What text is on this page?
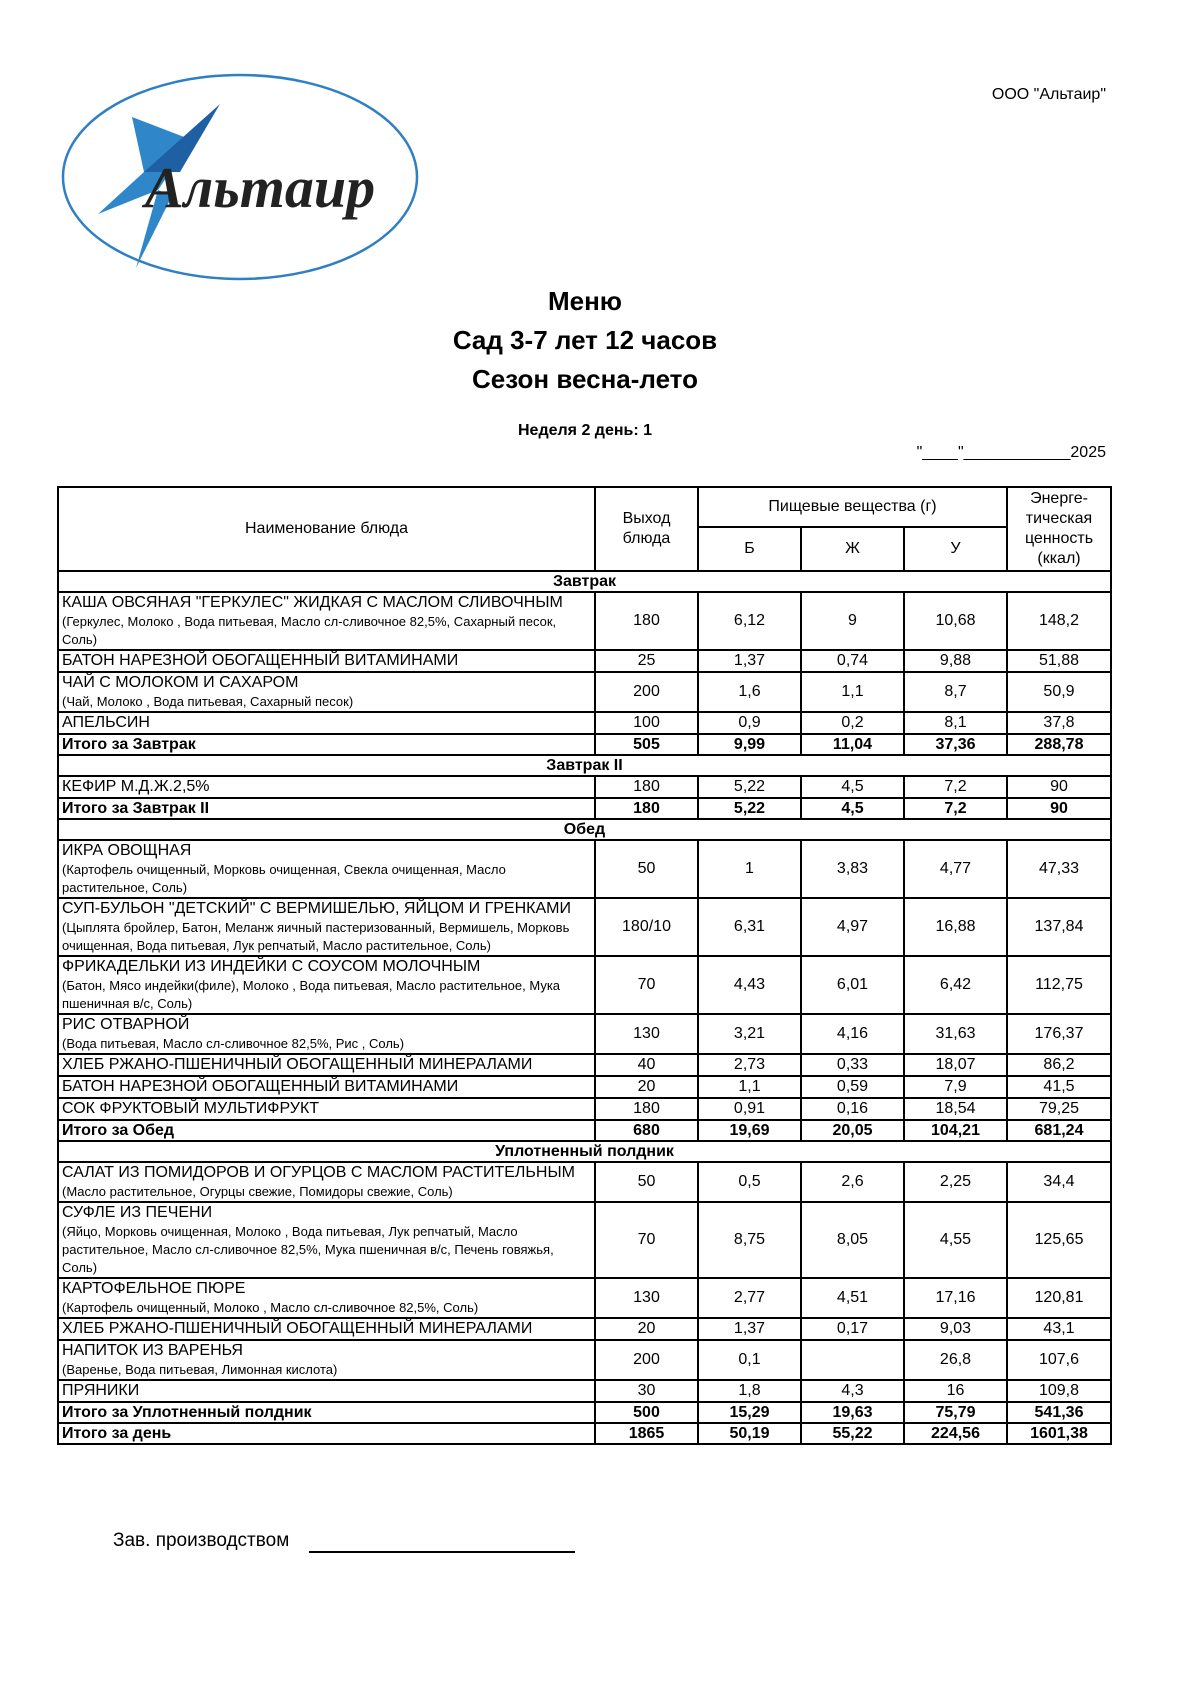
Альтаир
ООО "Альтаир"
Меню
Сад 3-7 лет 12 часов
Сезон весна-лето
Неделя 2 день: 1
"____"____________2025
Наименование блюда	Выход блюда	Пищевые вещества (г)			Энерге-тическая ценность (ккал)
		Б	Ж	У	
Завтрак					

КАША ОВСЯНАЯ "ГЕРКУЛЕС" ЖИДКАЯ С МАСЛОМ СЛИВОЧНЫМ
(Геркулес, Молоко , Вода питьевая, Масло сл-сливочное 82,5%, Сахарный песок, Соль)	180	6,12	9	10,68	148,2

БАТОН НАРЕЗНОЙ ОБОГАЩЕННЫЙ ВИТАМИНАМИ	25	1,37	0,74	9,88	51,88

ЧАЙ С МОЛОКОМ И САХАРОМ
(Чай, Молоко , Вода питьевая, Сахарный песок)	200	1,6	1,1	8,7	50,9

АПЕЛЬСИН	100	0,9	0,2	8,1	37,8
Итого за Завтрак	505	9,99	11,04	37,36	288,78
Завтрак II					

КЕФИР М.Д.Ж.2,5%	180	5,22	4,5	7,2	90
Итого за Завтрак II	180	5,22	4,5	7,2	90
Обед					

ИКРА ОВОЩНАЯ
(Картофель очищенный, Морковь очищенная, Свекла очищенная, Масло растительное, Соль)	50	1	3,83	4,77	47,33

СУП-БУЛЬОН "ДЕТСКИЙ" С ВЕРМИШЕЛЬЮ, ЯЙЦОМ И ГРЕНКАМИ
(Цыплята бройлер, Батон, Меланж яичный пастеризованный, Вермишель, Морковь очищенная, Вода питьевая, Лук репчатый, Масло растительное, Соль)	180/10	6,31	4,97	16,88	137,84

ФРИКАДЕЛЬКИ ИЗ ИНДЕЙКИ С СОУСОМ МОЛОЧНЫМ
(Батон, Мясо индейки(филе), Молоко , Вода питьевая, Масло растительное, Мука пшеничная в/с, Соль)	70	4,43	6,01	6,42	112,75

РИС ОТВАРНОЙ
(Вода питьевая, Масло сл-сливочное 82,5%, Рис , Соль)	130	3,21	4,16	31,63	176,37

ХЛЕБ РЖАНО-ПШЕНИЧНЫЙ ОБОГАЩЕННЫЙ МИНЕРАЛАМИ	40	2,73	0,33	18,07	86,2

БАТОН НАРЕЗНОЙ ОБОГАЩЕННЫЙ ВИТАМИНАМИ	20	1,1	0,59	7,9	41,5

СОК ФРУКТОВЫЙ МУЛЬТИФРУКТ	180	0,91	0,16	18,54	79,25
Итого за Обед	680	19,69	20,05	104,21	681,24
Уплотненный полдник					

САЛАТ ИЗ ПОМИДОРОВ И ОГУРЦОВ С МАСЛОМ РАСТИТЕЛЬНЫМ
(Масло растительное, Огурцы свежие, Помидоры свежие, Соль)	50	0,5	2,6	2,25	34,4

СУФЛЕ ИЗ ПЕЧЕНИ
(Яйцо, Морковь очищенная, Молоко , Вода питьевая, Лук репчатый, Масло растительное, Масло сл-сливочное 82,5%, Мука пшеничная в/с, Печень говяжья, Соль)	70	8,75	8,05	4,55	125,65

КАРТОФЕЛЬНОЕ ПЮРЕ
(Картофель очищенный, Молоко , Масло сл-сливочное 82,5%, Соль)	130	2,77	4,51	17,16	120,81

ХЛЕБ РЖАНО-ПШЕНИЧНЫЙ ОБОГАЩЕННЫЙ МИНЕРАЛАМИ	20	1,37	0,17	9,03	43,1

НАПИТОК ИЗ ВАРЕНЬЯ
(Варенье, Вода питьевая, Лимонная кислота)	200	0,1		26,8	107,6

ПРЯНИКИ	30	1,8	4,3	16	109,8
Итого за Уплотненный полдник	500	15,29	19,63	75,79	541,36
Итого за день	1865	50,19	55,22	224,56	1601,38
Зав. производством
